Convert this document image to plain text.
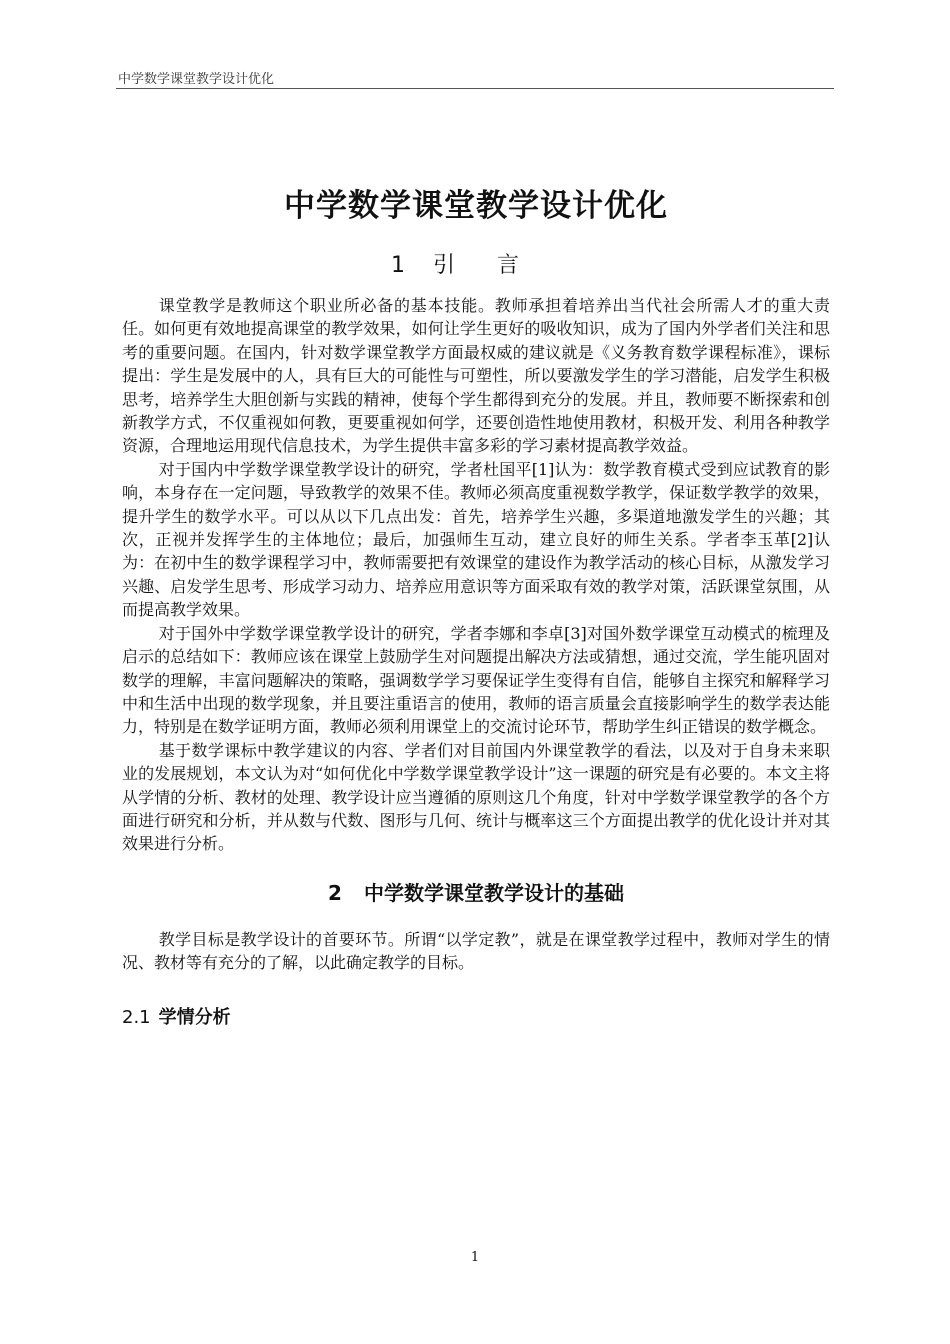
中学数学课堂教学设计优化
中学数学课堂教学设计优化
1 引言

课堂教学是教师这个职业所必备的基本技能。教师承担着培养出当代社会所需人才的重大责任。如何更有效地提高课堂的教学效果，如何让学生更好的吸收知识，成为了国内外学者们关注和思考的重要问题。在国内，针对数学课堂教学方面最权威的建议就是《义务教育数学课程标准》，课标提出：学生是发展中的人，具有巨大的可能性与可塑性，所以要激发学生的学习潜能，启发学生积极思考，培养学生大胆创新与实践的精神，使每个学生都得到充分的发展。并且，教师要不断探索和创新教学方式，不仅重视如何教，更要重视如何学，还要创造性地使用教材，积极开发、利用各种教学资源，合理地运用现代信息技术，为学生提供丰富多彩的学习素材提高教学效益。

对于国内中学数学课堂教学设计的研究，学者杜国平[1]认为：数学教育模式受到应试教育的影响，本身存在一定问题，导致教学的效果不佳。教师必须高度重视数学教学，保证数学教学的效果，提升学生的数学水平。可以从以下几点出发：首先，培养学生兴趣，多渠道地激发学生的兴趣；其次，正视并发挥学生的主体地位；最后，加强师生互动，建立良好的师生关系。学者李玉革[2]认为：在初中生的数学课程学习中，教师需要把有效课堂的建设作为教学活动的核心目标，从激发学习兴趣、启发学生思考、形成学习动力、培养应用意识等方面采取有效的教学对策，活跃课堂氛围，从而提高教学效果。

对于国外中学数学课堂教学设计的研究，学者李娜和李卓[3]对国外数学课堂互动模式的梳理及启示的总结如下：教师应该在课堂上鼓励学生对问题提出解决方法或猜想，通过交流，学生能巩固对数学的理解，丰富问题解决的策略，强调数学学习要保证学生变得有自信，能够自主探究和解释学习中和生活中出现的数学现象，并且要注重语言的使用，教师的语言质量会直接影响学生的数学表达能力，特别是在数学证明方面，教师必须利用课堂上的交流讨论环节，帮助学生纠正错误的数学概念。

基于数学课标中教学建议的内容、学者们对目前国内外课堂教学的看法，以及对于自身未来职业的发展规划，本文认为对“如何优化中学数学课堂教学设计”这一课题的研究是有必要的。本文主将从学情的分析、教材的处理、教学设计应当遵循的原则这几个角度，针对中学数学课堂教学的各个方面进行研究和分析，并从数与代数、图形与几何、统计与概率这三个方面提出教学的优化设计并对其效果进行分析。

2 中学数学课堂教学设计的基础

教学目标是教学设计的首要环节。所谓“以学定教”，就是在课堂教学过程中，教师对学生的情况、教材等有充分的了解，以此确定教学的目标。

2.1 学情分析
1
